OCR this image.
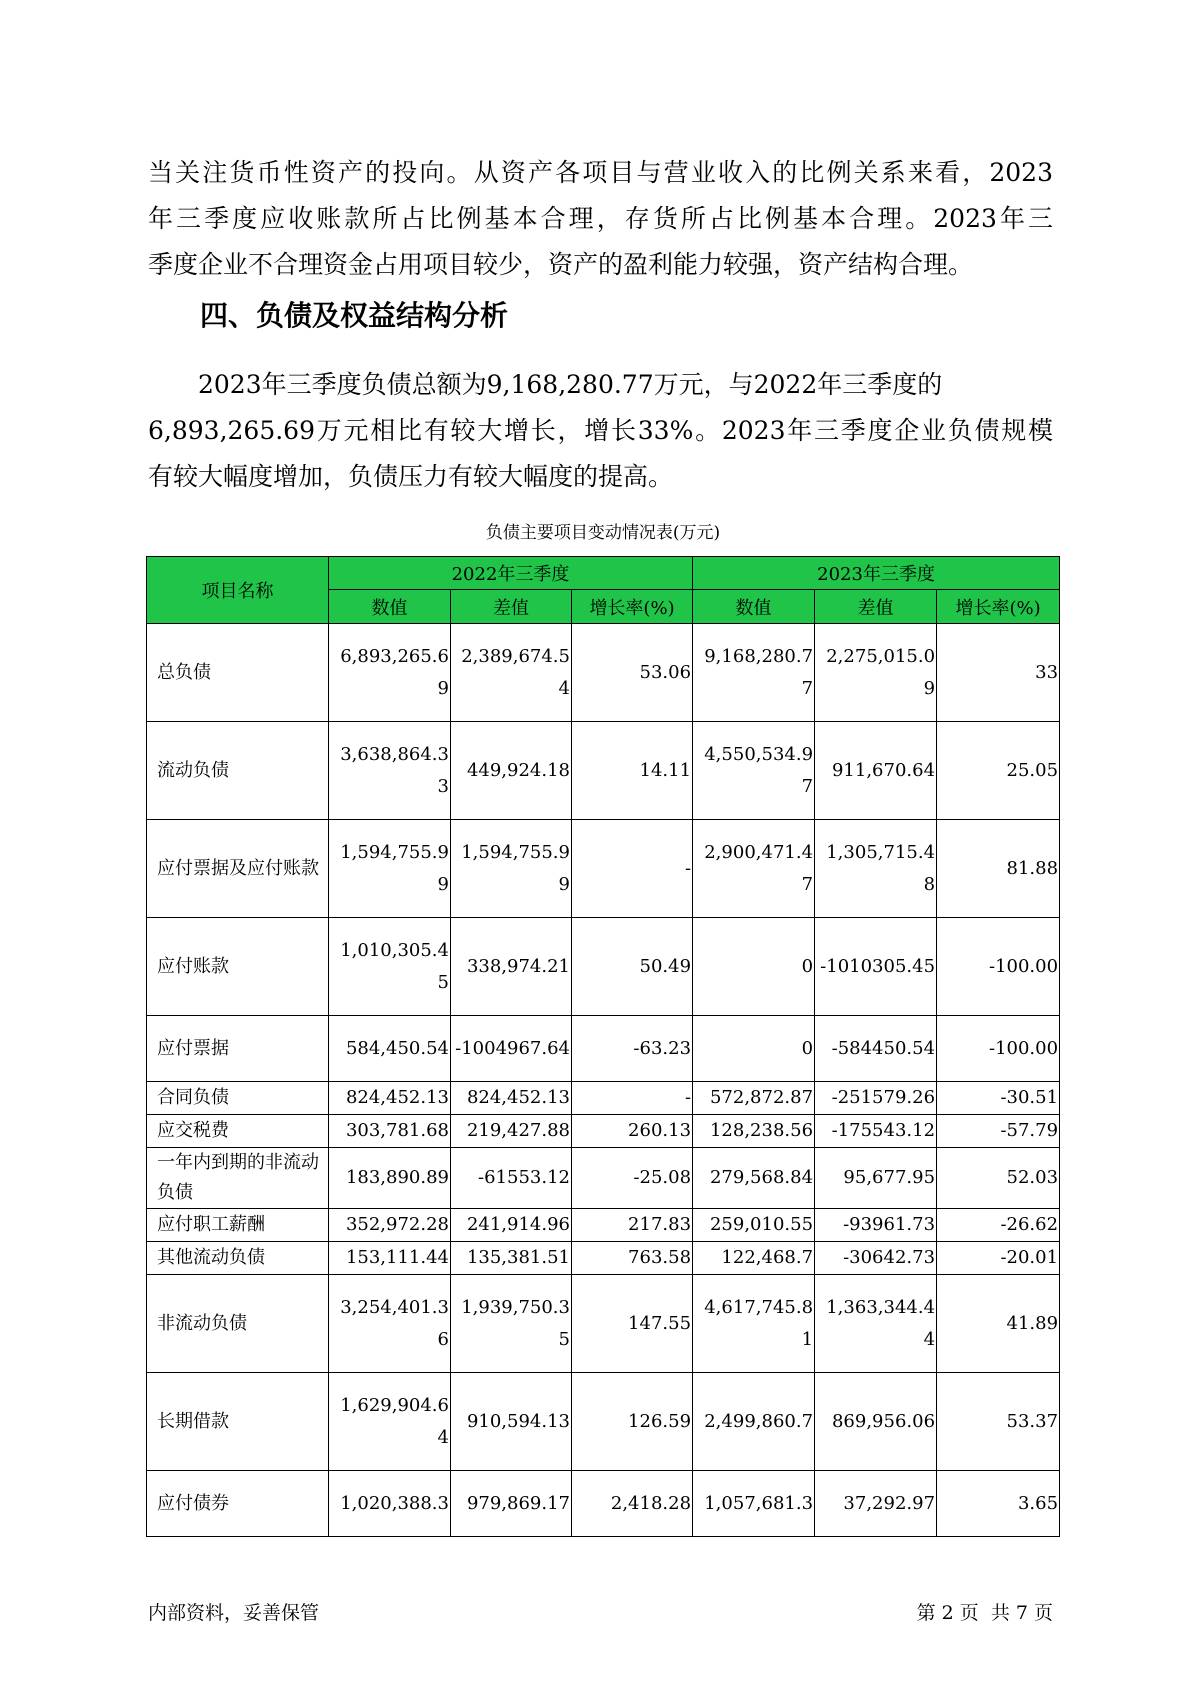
当关注货币性资产的投向。从资产各项目与营业收入的比例关系来看，2023
年三季度应收账款所占比例基本合理，存货所占比例基本合理。2023年三
季度企业不合理资金占用项目较少，资产的盈利能力较强，资产结构合理。

四、负债及权益结构分析

　　2023年三季度负债总额为9,168,280.77万元，与2022年三季度的
6,893,265.69万元相比有较大增长，增长33%。2023年三季度企业负债规模
有较大幅度增加，负债压力有较大幅度的提高。

负债主要项目变动情况表(万元)
项目名称	2022年三季度			2023年三季度		
	数值	差值	增长率(%)	数值	差值	增长率(%)
总负债	6,893,265.69	2,389,674.54	53.06	9,168,280.77	2,275,015.09	33
流动负债	3,638,864.33	449,924.18	14.11	4,550,534.97	911,670.64	25.05
应付票据及应付账款	1,594,755.99	1,594,755.99	-	2,900,471.47	1,305,715.48	81.88
应付账款	1,010,305.45	338,974.21	50.49	0	-1010305.45	-100.00
应付票据	584,450.54	-1004967.64	-63.23	0	-584450.54	-100.00
合同负债	824,452.13	824,452.13	-	572,872.87	-251579.26	-30.51
应交税费	303,781.68	219,427.88	260.13	128,238.56	-175543.12	-57.79
一年内到期的非流动负债	183,890.89	-61553.12	-25.08	279,568.84	95,677.95	52.03
应付职工薪酬	352,972.28	241,914.96	217.83	259,010.55	-93961.73	-26.62
其他流动负债	153,111.44	135,381.51	763.58	122,468.7	-30642.73	-20.01
非流动负债	3,254,401.36	1,939,750.35	147.55	4,617,745.81	1,363,344.44	41.89
长期借款	1,629,904.64	910,594.13	126.59	2,499,860.7	869,956.06	53.37
应付债券	1,020,388.3	979,869.17	2,418.28	1,057,681.3	37,292.97	3.65
内部资料，妥善保管	第 2 页  共 7 页
